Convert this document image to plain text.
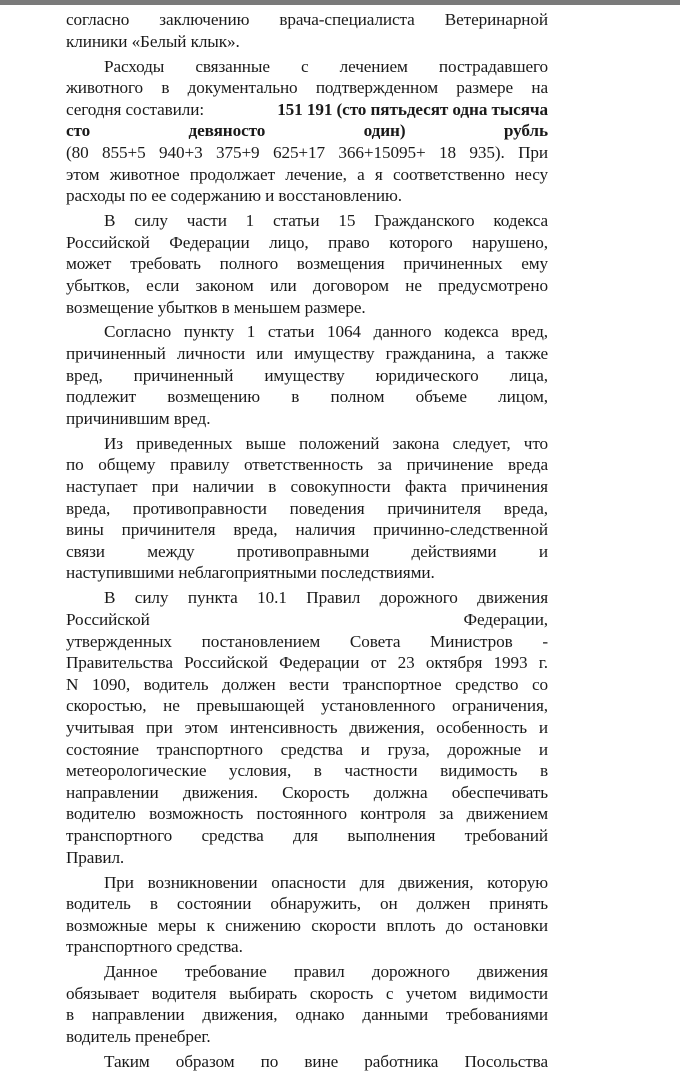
согласно заключению врача-специалиста Ветеринарной
клиники «Белый клык».
Расходы связанные с лечением пострадавшего
животного в документально подтвержденном размере на
сегодня составили:	151 191 (сто пятьдесят одна тысяча
сто	девяносто	один)	рубль
(80 855+5 940+3 375+9 625+17 366+15095+ 18 935). При
этом животное продолжает лечение, а я соответственно несу
расходы по ее содержанию и восстановлению.
В силу части 1 статьи 15 Гражданского кодекса
Российской Федерации лицо, право которого нарушено,
может требовать полного возмещения причиненных ему
убытков, если законом или договором не предусмотрено
возмещение убытков в меньшем размере.
Согласно пункту 1 статьи 1064 данного кодекса вред,
причиненный личности или имуществу гражданина, а также
вред, причиненный имуществу юридического лица,
подлежит возмещению в полном объеме лицом,
причинившим вред.
Из приведенных выше положений закона следует, что
по общему правилу ответственность за причинение вреда
наступает при наличии в совокупности факта причинения
вреда, противоправности поведения причинителя вреда,
вины причинителя вреда, наличия причинно-следственной
связи между противоправными действиями и
наступившими неблагоприятными последствиями.
В силу пункта 10.1 Правил дорожного движения
Российской Федерации,
утвержденных постановлением Совета Министров -
Правительства Российской Федерации от 23 октября 1993 г.
N 1090, водитель должен вести транспортное средство со
скоростью, не превышающей установленного ограничения,
учитывая при этом интенсивность движения, особенность и
состояние транспортного средства и груза, дорожные и
метеорологические условия, в частности видимость в
направлении движения. Скорость должна обеспечивать
водителю возможность постоянного контроля за движением
транспортного средства для выполнения требований
Правил.
При возникновении опасности для движения, которую
водитель в состоянии обнаружить, он должен принять
возможные меры к снижению скорости вплоть до остановки
транспортного средства.
Данное требование правил дорожного движения
обязывает водителя выбирать скорость с учетом видимости
в направлении движения, однако данными требованиями
водитель пренебрег.
Таким образом по вине работника Посольства
